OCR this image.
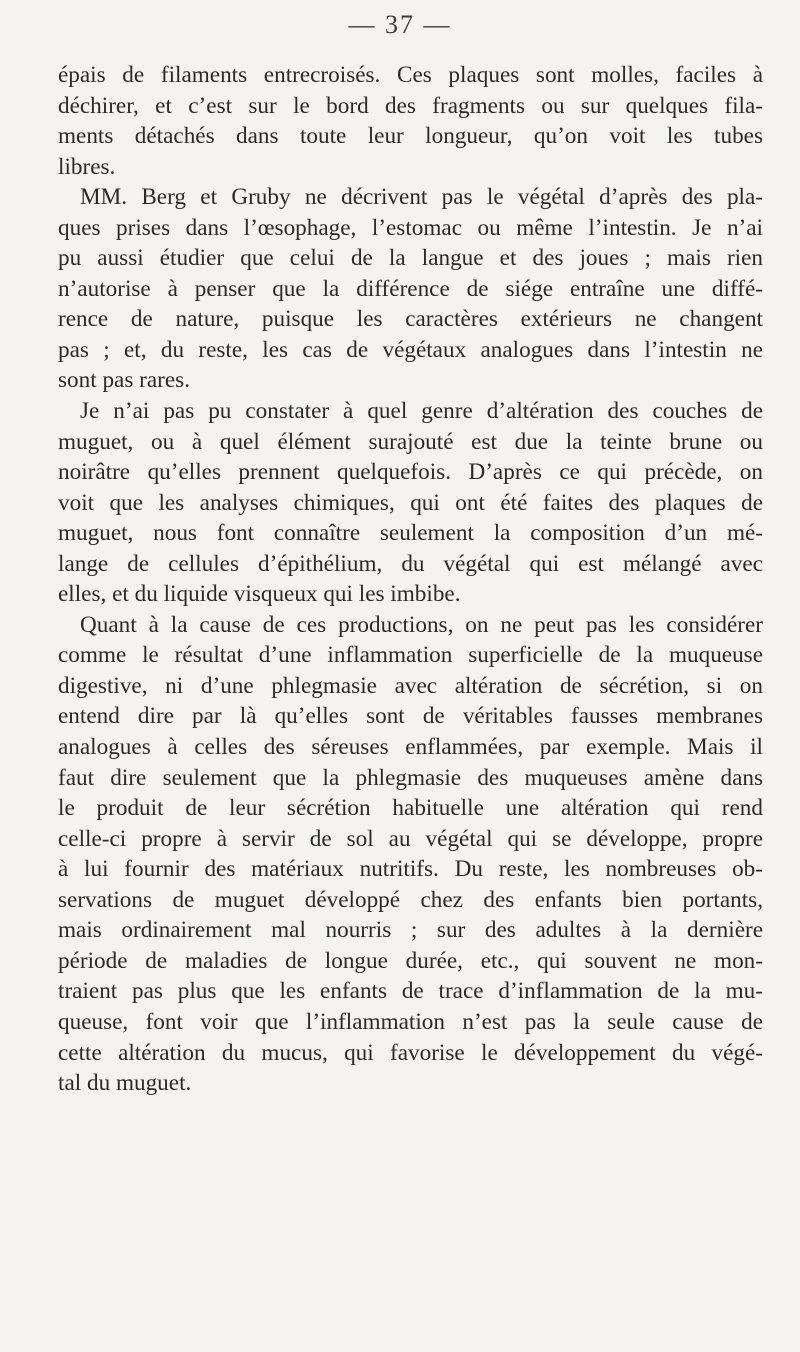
— 37 —
épais de filaments entrecroisés. Ces plaques sont molles, faciles à
déchirer, et c’est sur le bord des fragments ou sur quelques fila-
ments détachés dans toute leur longueur, qu’on voit les tubes
libres.
MM. Berg et Gruby ne décrivent pas le végétal d’après des pla-
ques prises dans l’œsophage, l’estomac ou même l’intestin. Je n’ai
pu aussi étudier que celui de la langue et des joues ; mais rien
n’autorise à penser que la différence de siége entraîne une diffé-
rence de nature, puisque les caractères extérieurs ne changent
pas ; et, du reste, les cas de végétaux analogues dans l’intestin ne
sont pas rares.
Je n’ai pas pu constater à quel genre d’altération des couches de
muguet, ou à quel élément surajouté est due la teinte brune ou
noirâtre qu’elles prennent quelquefois. D’après ce qui précède, on
voit que les analyses chimiques, qui ont été faites des plaques de
muguet, nous font connaître seulement la composition d’un mé-
lange de cellules d’épithélium, du végétal qui est mélangé avec
elles, et du liquide visqueux qui les imbibe.
Quant à la cause de ces productions, on ne peut pas les considérer
comme le résultat d’une inflammation superficielle de la muqueuse
digestive, ni d’une phlegmasie avec altération de sécrétion, si on
entend dire par là qu’elles sont de véritables fausses membranes
analogues à celles des séreuses enflammées, par exemple. Mais il
faut dire seulement que la phlegmasie des muqueuses amène dans
le produit de leur sécrétion habituelle une altération qui rend
celle-ci propre à servir de sol au végétal qui se développe, propre
à lui fournir des matériaux nutritifs. Du reste, les nombreuses ob-
servations de muguet développé chez des enfants bien portants,
mais ordinairement mal nourris ; sur des adultes à la dernière
période de maladies de longue durée, etc., qui souvent ne mon-
traient pas plus que les enfants de trace d’inflammation de la mu-
queuse, font voir que l’inflammation n’est pas la seule cause de
cette altération du mucus, qui favorise le développement du végé-
tal du muguet.
